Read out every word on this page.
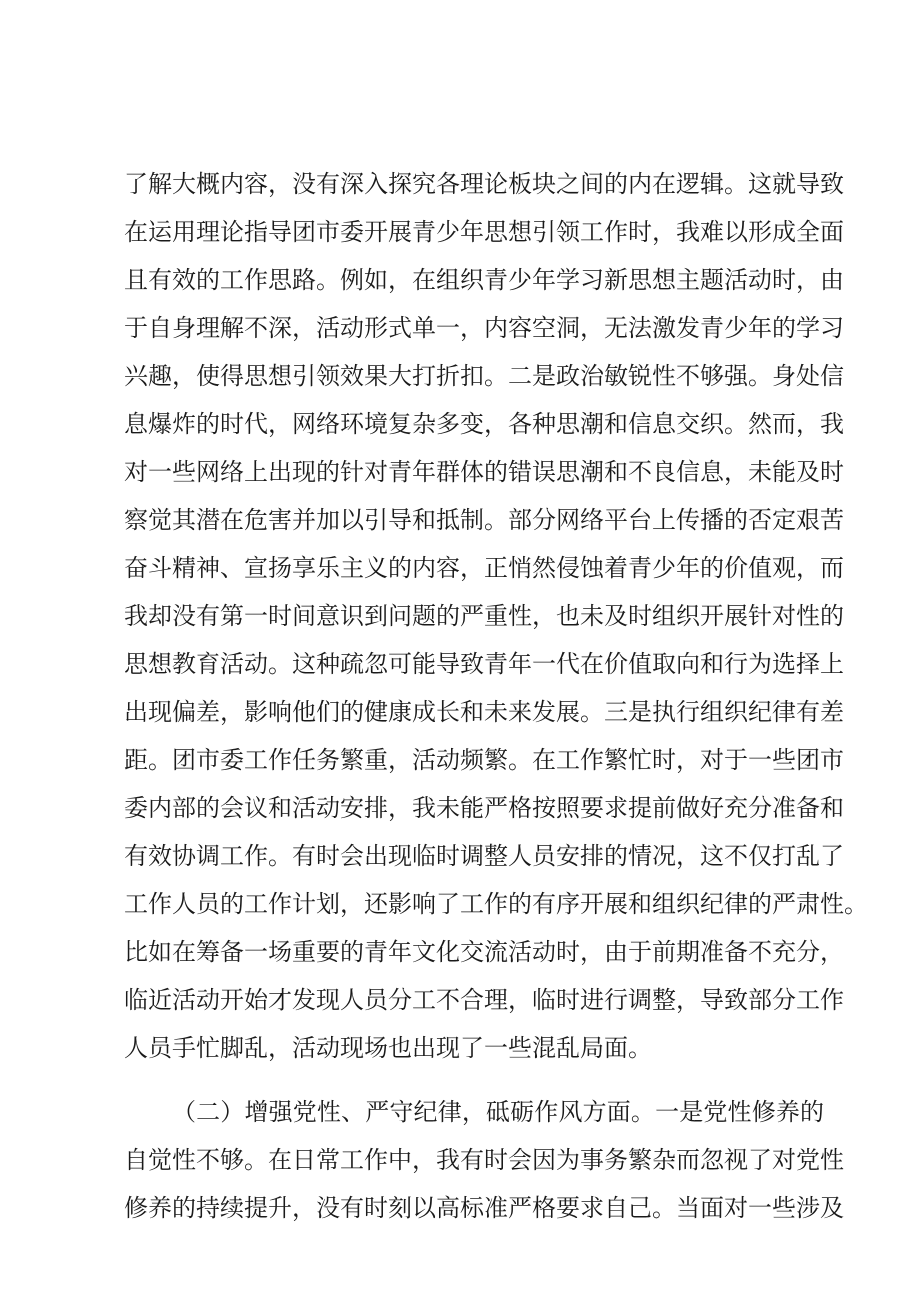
了解大概内容，没有深入探究各理论板块之间的内在逻辑。这就导致
在运用理论指导团市委开展青少年思想引领工作时，我难以形成全面
且有效的工作思路。例如，在组织青少年学习新思想主题活动时，由
于自身理解不深，活动形式单一，内容空洞，无法激发青少年的学习
兴趣，使得思想引领效果大打折扣。二是政治敏锐性不够强。身处信
息爆炸的时代，网络环境复杂多变，各种思潮和信息交织。然而，我
对一些网络上出现的针对青年群体的错误思潮和不良信息，未能及时
察觉其潜在危害并加以引导和抵制。部分网络平台上传播的否定艰苦
奋斗精神、宣扬享乐主义的内容，正悄然侵蚀着青少年的价值观，而
我却没有第一时间意识到问题的严重性，也未及时组织开展针对性的
思想教育活动。这种疏忽可能导致青年一代在价值取向和行为选择上
出现偏差，影响他们的健康成长和未来发展。三是执行组织纪律有差
距。团市委工作任务繁重，活动频繁。在工作繁忙时，对于一些团市
委内部的会议和活动安排，我未能严格按照要求提前做好充分准备和
有效协调工作。有时会出现临时调整人员安排的情况，这不仅打乱了
工作人员的工作计划，还影响了工作的有序开展和组织纪律的严肃性。
比如在筹备一场重要的青年文化交流活动时，由于前期准备不充分，
临近活动开始才发现人员分工不合理，临时进行调整，导致部分工作
人员手忙脚乱，活动现场也出现了一些混乱局面。
（二）增强党性、严守纪律，砥砺作风方面。一是党性修养的
自觉性不够。在日常工作中，我有时会因为事务繁杂而忽视了对党性
修养的持续提升，没有时刻以高标准严格要求自己。当面对一些涉及
